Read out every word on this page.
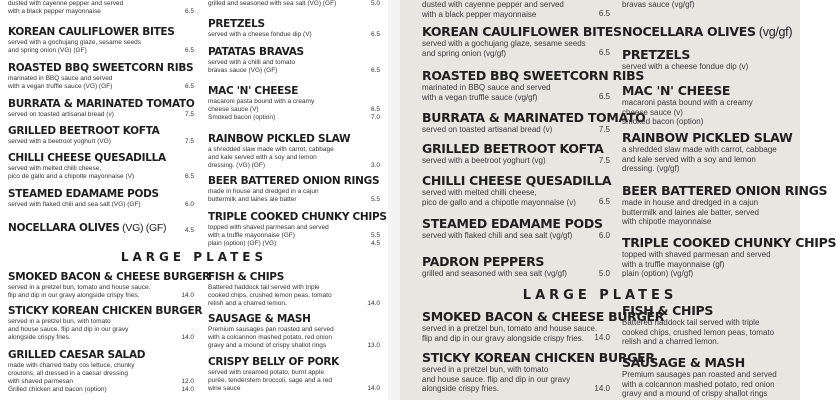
dusted with cayenne pepper and served
with a black pepper mayonnaise	6.5
KOREAN CAULIFLOWER BITES
served with a gochujang glaze, sesame seeds
and spring onion (VG) (GF)	6.5
ROASTED BBQ SWEETCORN RIBS
marinated in BBQ sauce and served
with a vegan truffle sauce (VG) (GF)	6.5
BURRATA & MARINATED TOMATO
served on toasted artisanal bread (v)	7.5
GRILLED BEETROOT KOFTA
served with a beetroot yoghurt (VG)	7.5
CHILLI CHEESE QUESADILLA
served with melted chilli cheese,
pico de gallo and a chipotle mayonnaise (V)	6.5
STEAMED EDAMAME PODS
served with flaked chili and sea salt (VG) (GF)	6.0
NOCELLARA OLIVES (VG) (GF)	4.5
grilled and seasoned with sea salt (VG) (GF)	5.0
PRETZELS
served with a cheese fondue dip (V)	6.5
PATATAS BRAVAS
served with a chilli and tomato
bravas sauce (VG) (GF)	6.5
MAC 'N' CHEESE
macaroni pasta bound with a creamy
cheese sauce (V)
Smoked bacon (option)
6.5
7.0
RAINBOW PICKLED SLAW
a shredded slaw made with carrot, cabbage
and kale served with a soy and lemon
dressing. (VG) (GF)	3.0
BEER BATTERED ONION RINGS
made in house and dredged in a cajun
buttermilk and laines ale batter	5.5
TRIPLE COOKED CHUNKY CHIPS
topped with shaved parmesan and served
with a truffle mayonnaise (GF)
plain (option) (GF) (VG)
5.5
4.5
LARGE PLATES
SMOKED BACON & CHEESE BURGER
served in a pretzel bun, tomato and house sauce.
flip and dip in our gravy alongside crispy fries.	14.0
STICKY KOREAN CHICKEN BURGER
served in a pretzel bun, with tomato
and house sauce. flip and dip in our gravy
alongside crispy fries.	14.0
GRILLED CAESAR SALAD
made with charred baby cos lettuce, chunky
croutons, all dressed in a caesar dressing
with shaved parmesan
Grilled chicken and bacon (option)
12.0
14.0
FISH & CHIPS
Battered haddock tail served with triple
cooked chips, crushed lemon peas, tomato
relish and a charred lemon.	14.0
SAUSAGE & MASH
Premium sausages pan roasted and served
with a colcannon mashed potato, red onion
gravy and a mound of crispy shallot rings	13.0
CRISPY BELLY OF PORK
served with creamed potato, burnt apple
purée, tenderstem broccoli, sage and a red
wine sauce	14.0
dusted with cayenne pepper and served
with a black pepper mayonnaise	6.5
KOREAN CAULIFLOWER BITES
served with a gochujang glaze, sesame seeds
and spring onion (vg/gf)	6.5
ROASTED BBQ SWEETCORN RIBS
marinated in BBQ sauce and served
with a vegan truffle sauce (vg/gf)	6.5
BURRATA & MARINATED TOMATO
served on toasted artisanal bread (v)	7.5
GRILLED BEETROOT KOFTA
served with a beetroot yoghurt (vg)	7.5
CHILLI CHEESE QUESADILLA
served with melted chilli cheese,
pico de gallo and a chipotle mayonnaise (v)	6.5
STEAMED EDAMAME PODS
served with flaked chili and sea salt (vg/gf)	6.0
PADRON PEPPERS
grilled and seasoned with sea salt (vg/gf)	5.0
bravas sauce (vg/gf)
NOCELLARA OLIVES (vg/gf)
PRETZELS
served with a cheese fondue dip (v)
MAC 'N' CHEESE
macaroni pasta bound with a creamy
cheese sauce (v)
smoked bacon (option)
RAINBOW PICKLED SLAW
a shredded slaw made with carrot, cabbage
and kale served with a soy and lemon
dressing. (vg/gf)
BEER BATTERED ONION RINGS
made in house and dredged in a cajun
buttermilk and laines ale batter, served
with chipotle mayonnaise
TRIPLE COOKED CHUNKY CHIPS
topped with shaved parmesan and served
with a truffle mayonnaise (gf)
plain (option) (vg/gf)
LARGE PLATES
SMOKED BACON & CHEESE BURGER
served in a pretzel bun, tomato and house sauce.
flip and dip in our gravy alongside crispy fries.	14.0
STICKY KOREAN CHICKEN BURGER
served in a pretzel bun, with tomato
and house sauce. flip and dip in our gravy
alongside crispy fries.	14.0
FISH & CHIPS
Battered haddock tail served with triple
cooked chips, crushed lemon peas, tomato
relish and a charred lemon.
SAUSAGE & MASH
Premium sausages pan roasted and served
with a colcannon mashed potato, red onion
gravy and a mound of crispy shallot rings
